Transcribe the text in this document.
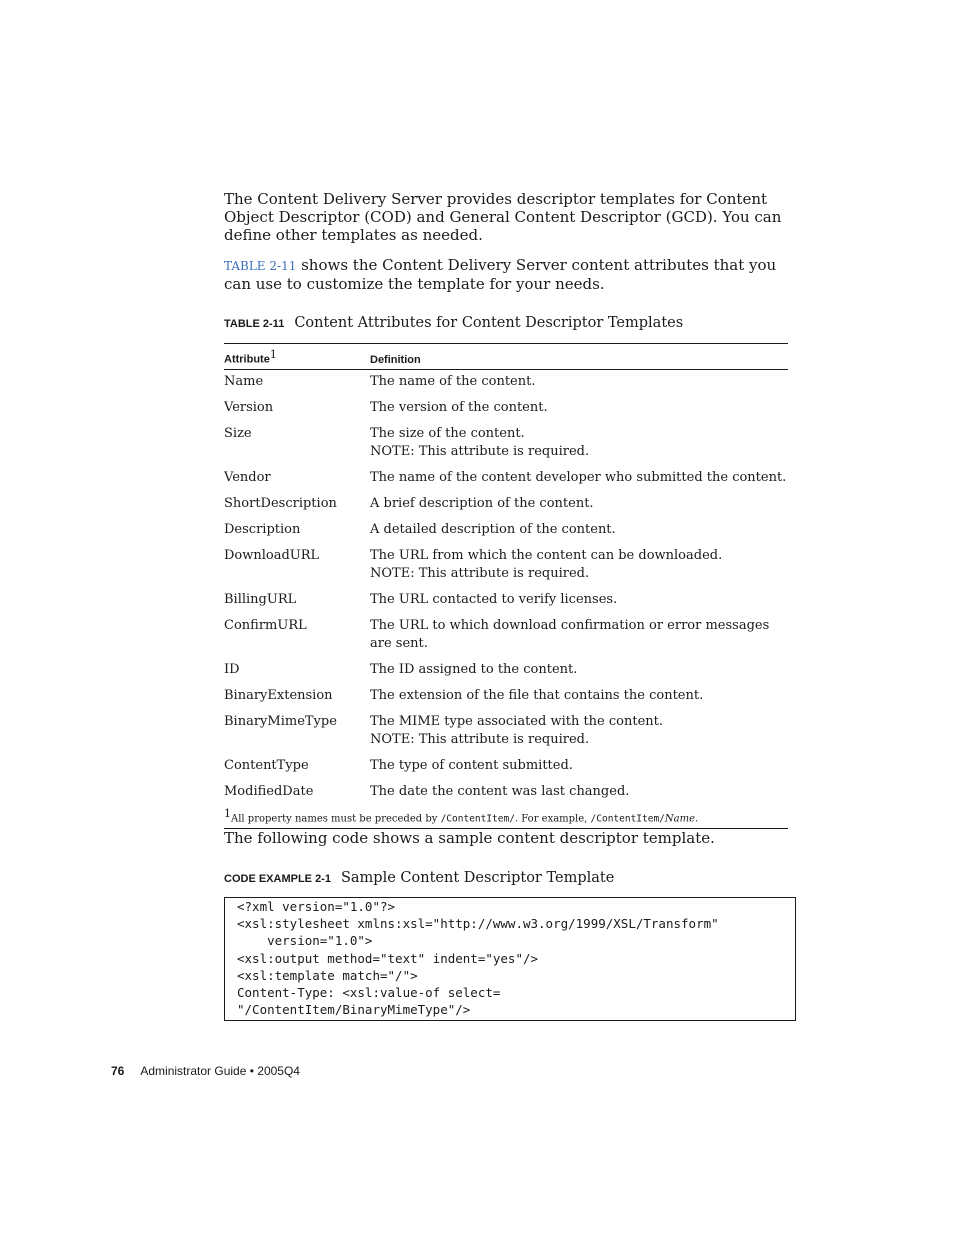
The Content Delivery Server provides descriptor templates for Content Object Descriptor (COD) and General Content Descriptor (GCD). You can define other templates as needed.

TABLE 2-11 shows the Content Delivery Server content attributes that you can use to customize the template for your needs.

TABLE 2-11 Content Attributes for Content Descriptor Templates
Attribute$^1$	Definition
Name	The name of the content.
Version	The version of the content.
Size	The size of the content.
NOTE: This attribute is required.

Vendor	The name of the content developer who submitted the content.
ShortDescription	A brief description of the content.
Description	A detailed description of the content.
DownloadURL	The URL from which the content can be downloaded.
NOTE: This attribute is required.

BillingURL	The URL contacted to verify licenses.
ConfirmURL	The URL to which download confirmation or error messages are sent.
ID	The ID assigned to the content.
BinaryExtension	The extension of the file that contains the content.
BinaryMimeType	The MIME type associated with the content.
NOTE: This attribute is required.

ContentType	The type of content submitted.
ModifiedDate	The date the content was last changed.
$^1$All property names must be preceded by /ContentItem/. For example, /ContentItem/Name.	

The following code shows a sample content descriptor template.

CODE EXAMPLE 2-1 Sample Content Descriptor Template
<?xml version="1.0"?>
<xsl:stylesheet xmlns:xsl="http://www.w3.org/1999/XSL/Transform"
version="1.0">
<xsl:output method="text" indent="yes"/>
<xsl:template match="/">
Content-Type: <xsl:value-of select=
"/ContentItem/BinaryMimeType"/>
76 Administrator Guide • 2005Q4
